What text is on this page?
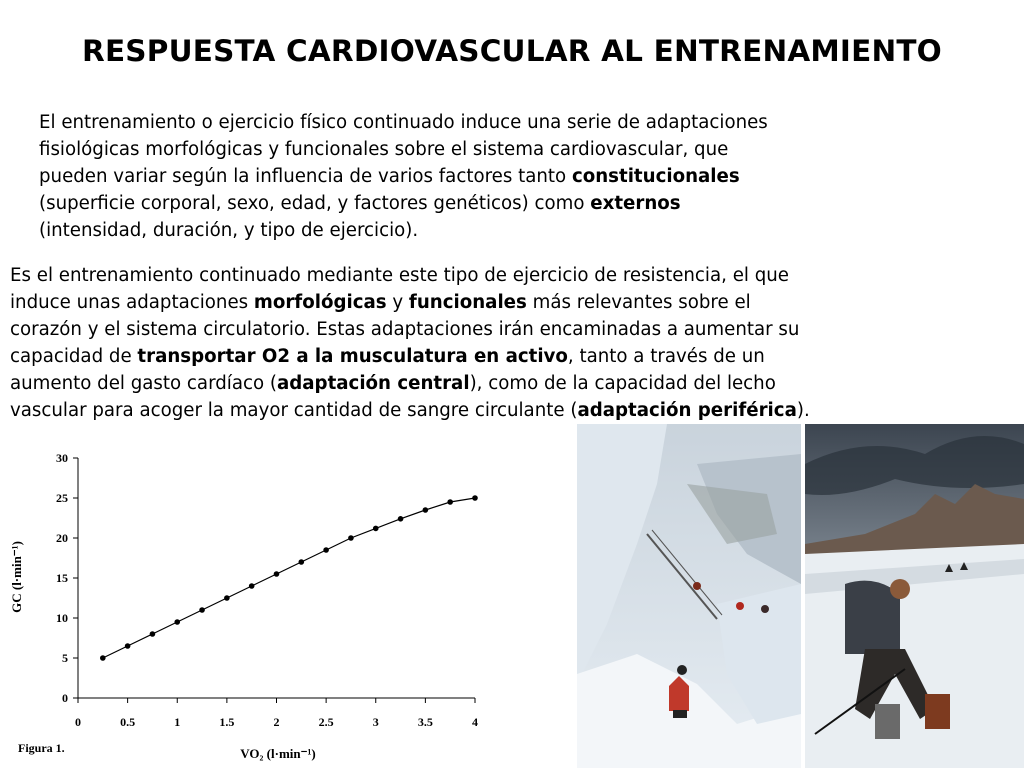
RESPUESTA CARDIOVASCULAR AL ENTRENAMIENTO
El entrenamiento o ejercicio físico continuado induce una serie de adaptaciones
fisiológicas morfológicas y funcionales sobre el sistema cardiovascular, que
pueden variar según la influencia de varios factores tanto constitucionales
(superficie corporal, sexo, edad, y factores genéticos) como externos
(intensidad, duración, y tipo de ejercicio).
Es el entrenamiento continuado mediante este tipo de ejercicio de resistencia, el que
induce unas adaptaciones morfológicas y funcionales más relevantes sobre el
corazón y el sistema circulatorio. Estas adaptaciones irán encaminadas a aumentar su
capacidad de transportar O2 a la musculatura en activo, tanto a través de un
aumento del gasto cardíaco (adaptación central), como de la capacidad del lecho
vascular para acoger la mayor cantidad de sangre circulante (adaptación periférica).
0
5
10
15
20
25
30
0	0.5	1	1.5	2	2.5	3	3.5	4
GC (l·min⁻¹)
VO₂ (l·min⁻¹)
Figura 1.
